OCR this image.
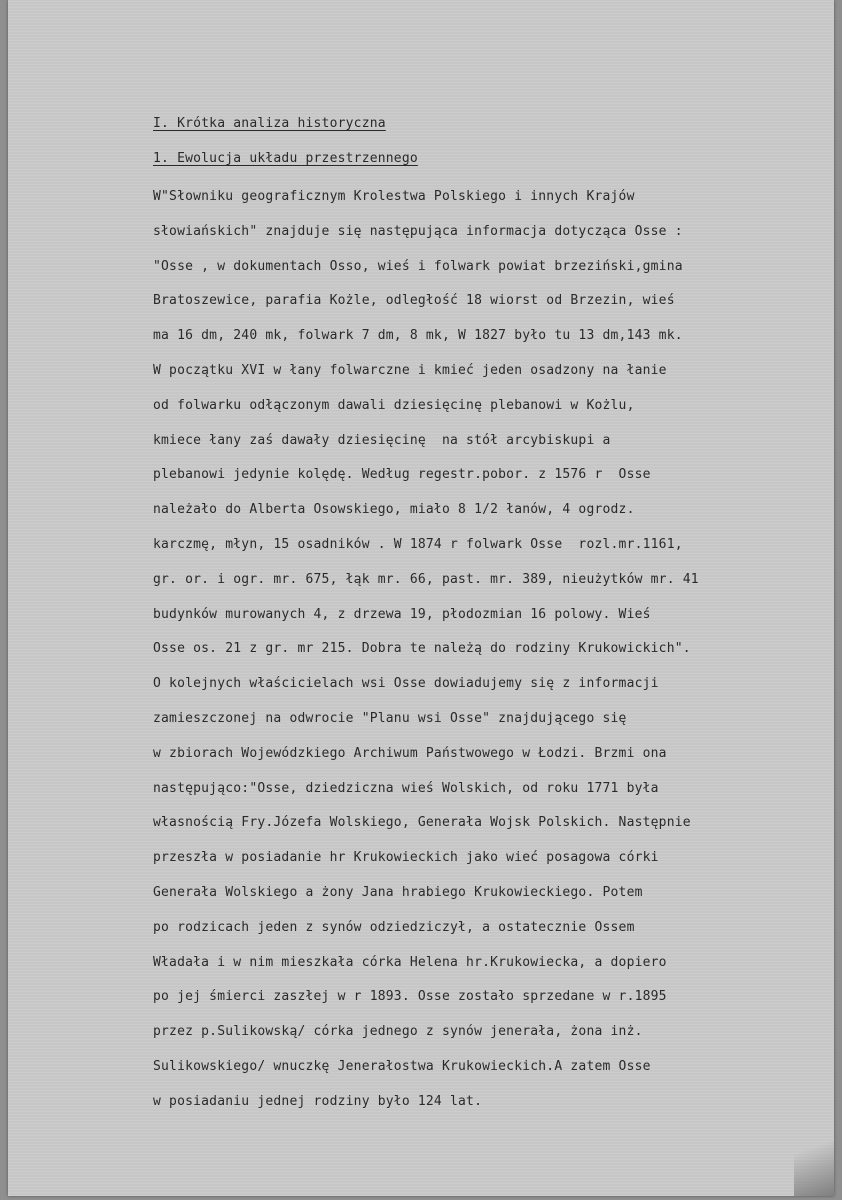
I. Krótka analiza historyczna
1. Ewolucja układu przestrzennego
W"Słowniku geograficznym Krolestwa Polskiego i innych Krajów
słowiańskich" znajduje się następująca informacja dotycząca Osse :
"Osse , w dokumentach Osso, wieś i folwark powiat brzeziński,gmina
Bratoszewice, parafia Kożle, odległość 18 wiorst od Brzezin, wieś
ma 16 dm, 240 mk, folwark 7 dm, 8 mk, W 1827 było tu 13 dm,143 mk.
W początku XVI w łany folwarczne i kmieć jeden osadzony na łanie
od folwarku odłączonym dawali dziesięcinę plebanowi w Kożlu,
kmiece łany zaś dawały dziesięcinę  na stół arcybiskupi a
plebanowi jedynie kolędę. Według regestr.pobor. z 1576 r  Osse
należało do Alberta Osowskiego, miało 8 1/2 łanów, 4 ogrodz.
karczmę, młyn, 15 osadników . W 1874 r folwark Osse  rozl.mr.1161,
gr. or. i ogr. mr. 675, łąk mr. 66, past. mr. 389, nieużytków mr. 41
budynków murowanych 4, z drzewa 19, płodozmian 16 polowy. Wieś
Osse os. 21 z gr. mr 215. Dobra te należą do rodziny Krukowickich".
O kolejnych właścicielach wsi Osse dowiadujemy się z informacji
zamieszczonej na odwrocie "Planu wsi Osse" znajdującego się
w zbiorach Wojewódzkiego Archiwum Państwowego w Łodzi. Brzmi ona
następująco:"Osse, dziedziczna wieś Wolskich, od roku 1771 była
własnością Fry.Józefa Wolskiego, Generała Wojsk Polskich. Następnie
przeszła w posiadanie hr Krukowieckich jako wieć posagowa córki
Generała Wolskiego a żony Jana hrabiego Krukowieckiego. Potem
po rodzicach jeden z synów odziedziczył, a ostatecznie Ossem
Władała i w nim mieszkała córka Helena hr.Krukowiecka, a dopiero
po jej śmierci zaszłej w r 1893. Osse zostało sprzedane w r.1895
przez p.Sulikowską/ córka jednego z synów jenerała, żona inż.
Sulikowskiego/ wnuczkę Jenerałostwa Krukowieckich.A zatem Osse
w posiadaniu jednej rodziny było 124 lat.
